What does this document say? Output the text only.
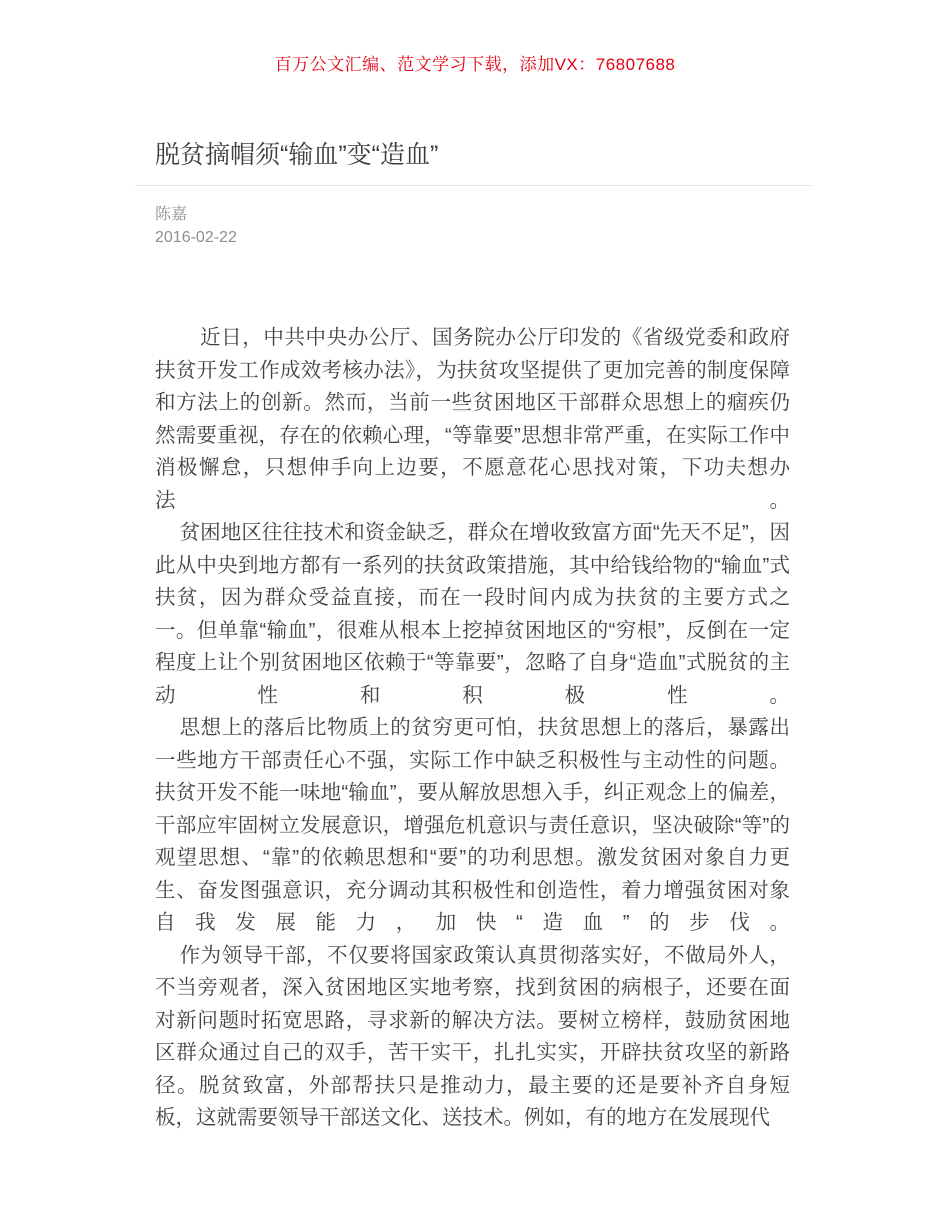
百万公文汇编、范文学习下载，添加VX：76807688
脱贫摘帽须“输血”变“造血”
陈嘉
2016-02-22

近日，中共中央办公厅、国务院办公厅印发的《省级党委和政府扶贫开发工作成效考核办法》，为扶贫攻坚提供了更加完善的制度保障和方法上的创新。然而，当前一些贫困地区干部群众思想上的痼疾仍然需要重视，存在的依赖心理，“等靠要”思想非常严重，在实际工作中消极懈怠，只想伸手向上边要，不愿意花心思找对策，下功夫想办法。

贫困地区往往技术和资金缺乏，群众在增收致富方面“先天不足”，因此从中央到地方都有一系列的扶贫政策措施，其中给钱给物的“输血”式扶贫，因为群众受益直接，而在一段时间内成为扶贫的主要方式之一。但单靠“输血”，很难从根本上挖掉贫困地区的“穷根”，反倒在一定程度上让个别贫困地区依赖于“等靠要”，忽略了自身“造血”式脱贫的主动性和积极性。

思想上的落后比物质上的贫穷更可怕，扶贫思想上的落后，暴露出一些地方干部责任心不强，实际工作中缺乏积极性与主动性的问题。扶贫开发不能一味地“输血”，要从解放思想入手，纠正观念上的偏差，干部应牢固树立发展意识，增强危机意识与责任意识，坚决破除“等”的观望思想、“靠”的依赖思想和“要”的功利思想。激发贫困对象自力更生、奋发图强意识，充分调动其积极性和创造性，着力增强贫困对象自我发展能力，加快“造血”的步伐。

作为领导干部，不仅要将国家政策认真贯彻落实好，不做局外人，不当旁观者，深入贫困地区实地考察，找到贫困的病根子，还要在面对新问题时拓宽思路，寻求新的解决方法。要树立榜样，鼓励贫困地区群众通过自己的双手，苦干实干，扎扎实实，开辟扶贫攻坚的新路径。脱贫致富，外部帮扶只是推动力，最主要的还是要补齐自身短板，这就需要领导干部送文化、送技术。例如，有的地方在发展现代
